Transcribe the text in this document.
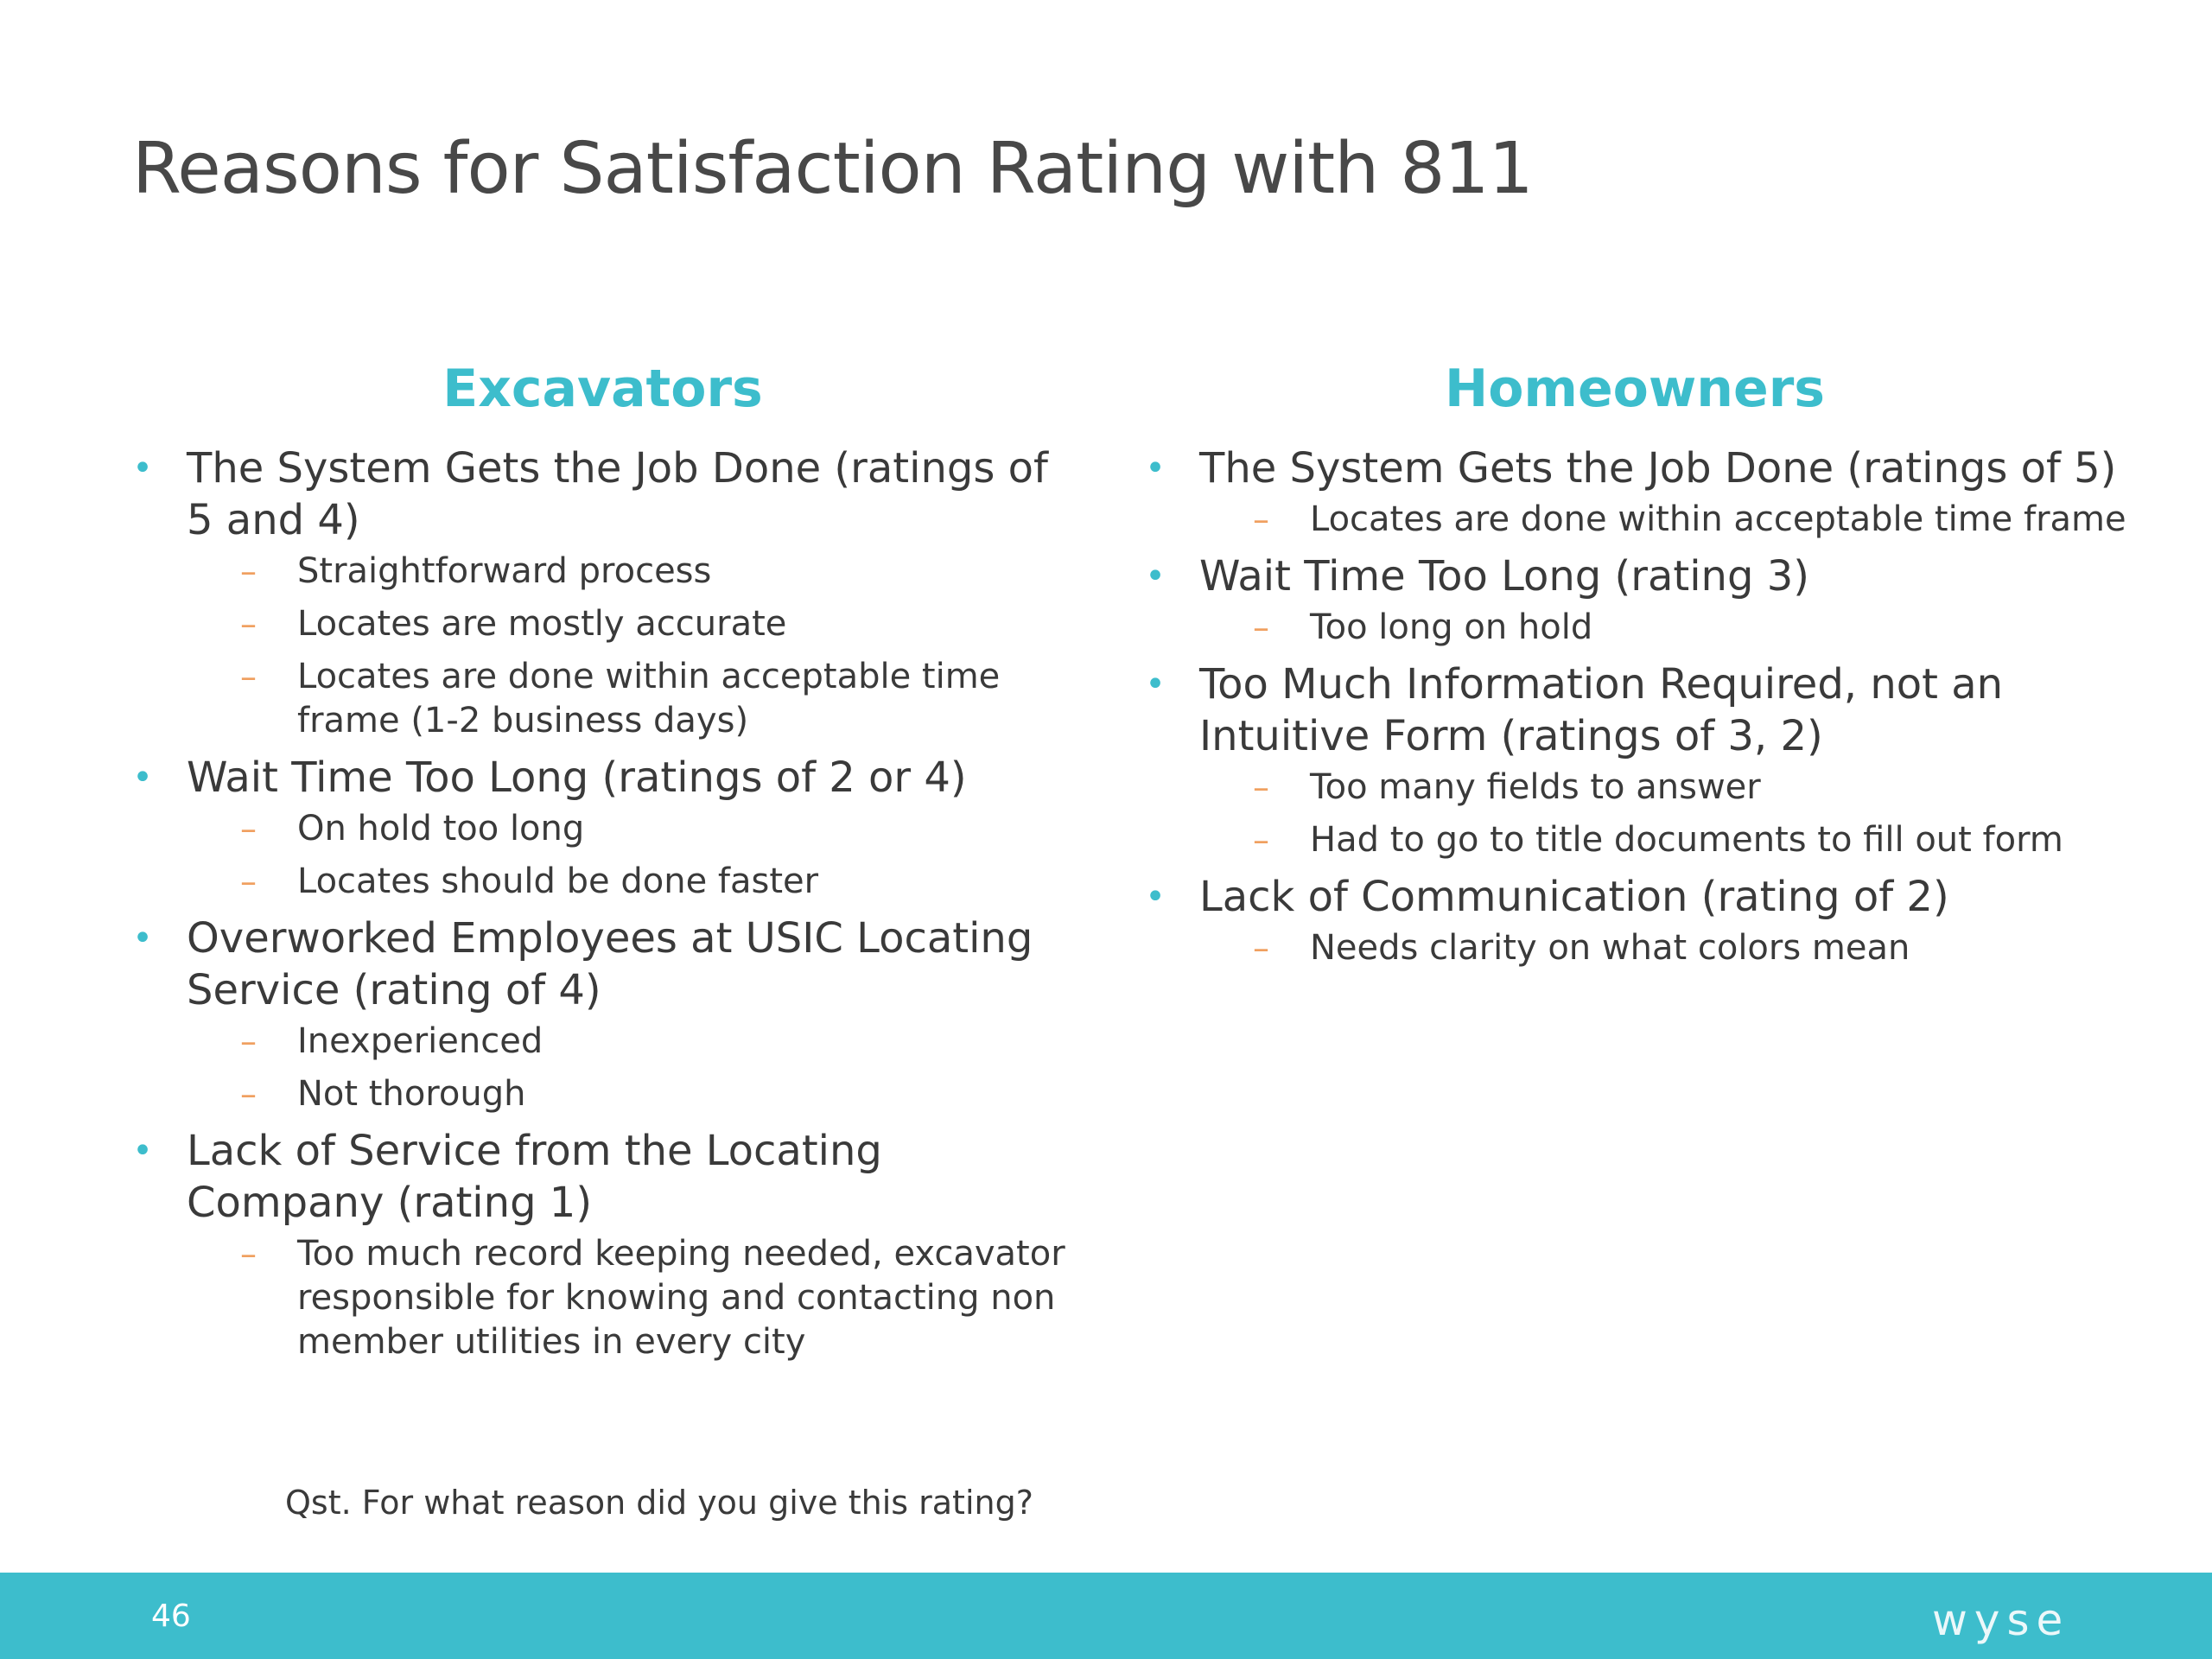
Reasons for Satisfaction Rating with 811
Excavators
• The System Gets the Job Done (ratings of 5 and 4)
– Straightforward process
– Locates are mostly accurate
– Locates are done within acceptable time frame (1-2 business days)
• Wait Time Too Long (ratings of 2 or 4)
– On hold too long
– Locates should be done faster
• Overworked Employees at USIC Locating Service (rating of 4)
– Inexperienced
– Not thorough
• Lack of Service from the Locating Company (rating 1)
– Too much record keeping needed, excavator responsible for knowing and contacting non member utilities in every city
Homeowners
• The System Gets the Job Done (ratings of 5)
– Locates are done within acceptable time frame
• Wait Time Too Long (rating 3)
– Too long on hold
• Too Much Information Required, not an Intuitive Form (ratings of 3, 2)
– Too many fields to answer
– Had to go to title documents to fill out form
• Lack of Communication (rating of 2)
– Needs clarity on what colors mean
Qst. For what reason did you give this rating?
46	wyse
